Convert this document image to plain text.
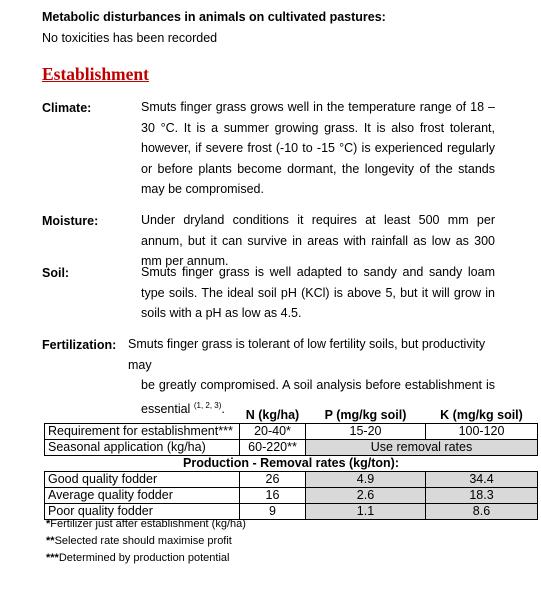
Metabolic disturbances in animals on cultivated pastures:
No toxicities has been recorded
Establishment
Climate:	Smuts finger grass grows well in the temperature range of 18 – 30 °C. It is a summer growing grass. It is also frost tolerant, however, if severe frost (-10 to -15 °C) is experienced regularly or before plants become dormant, the longevity of the stands may be compromised.
Moisture:	Under dryland conditions it requires at least 500 mm per annum, but it can survive in areas with rainfall as low as 300 mm per annum.
Soil:	Smuts finger grass is well adapted to sandy and sandy loam type soils. The ideal soil pH (KCl) is above 5, but it will grow in soils with a pH as low as 4.5.
Fertilization: Smuts finger grass is tolerant of low fertility soils, but productivity may
be greatly compromised. A soil analysis before establishment is essential $^{(1, 2, 3)}$.
		N (kg/ha)	P (mg/kg soil)	K (mg/kg soil)
Requirement for establishment***	20-40*	15-20	100-120
Seasonal application (kg/ha)	60-220**	Use removal rates	
Production - Removal rates (kg/ton):			
Good quality fodder	26	4.9	34.4
Average quality fodder	16	2.6	18.3
Poor quality fodder	9	1.1	8.6
*Fertilizer just after establishment (kg/ha)
**Selected rate should maximise profit
***Determined by production potential
